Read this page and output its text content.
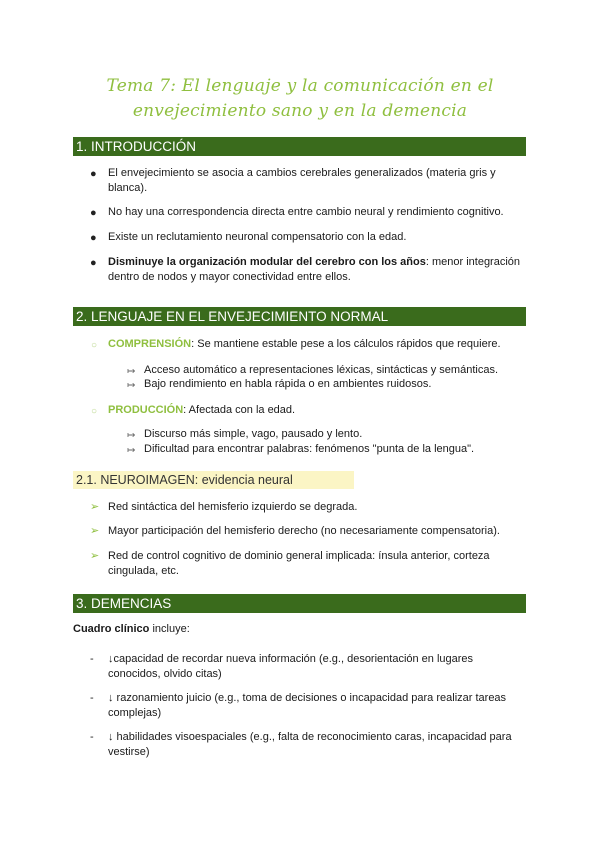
Tema 7: El lenguaje y la comunicación en el envejecimiento sano y en la demencia
1. INTRODUCCIÓN
● El envejecimiento se asocia a cambios cerebrales generalizados (materia gris y blanca).
● No hay una correspondencia directa entre cambio neural y rendimiento cognitivo.
● Existe un reclutamiento neuronal compensatorio con la edad.
● Disminuye la organización modular del cerebro con los años: menor integración dentro de nodos y mayor conectividad entre ellos.
2. LENGUAJE EN EL ENVEJECIMIENTO NORMAL
○ COMPRENSIÓN: Se mantiene estable pese a los cálculos rápidos que requiere.
↦ Acceso automático a representaciones léxicas, sintácticas y semánticas.
↦ Bajo rendimiento en habla rápida o en ambientes ruidosos.
○ PRODUCCIÓN: Afectada con la edad.
↦ Discurso más simple, vago, pausado y lento.
↦ Dificultad para encontrar palabras: fenómenos "punta de la lengua".
2.1. NEUROIMAGEN: evidencia neural
➢ Red sintáctica del hemisferio izquierdo se degrada.
➢ Mayor participación del hemisferio derecho (no necesariamente compensatoria).
➢ Red de control cognitivo de dominio general implicada: ínsula anterior, corteza cingulada, etc.
3. DEMENCIAS
Cuadro clínico incluye:
- ↓capacidad de recordar nueva información (e.g., desorientación en lugares conocidos, olvido citas)
- ↓ razonamiento juicio (e.g., toma de decisiones o incapacidad para realizar tareas complejas)
- ↓ habilidades visoespaciales (e.g., falta de reconocimiento caras, incapacidad para vestirse)
